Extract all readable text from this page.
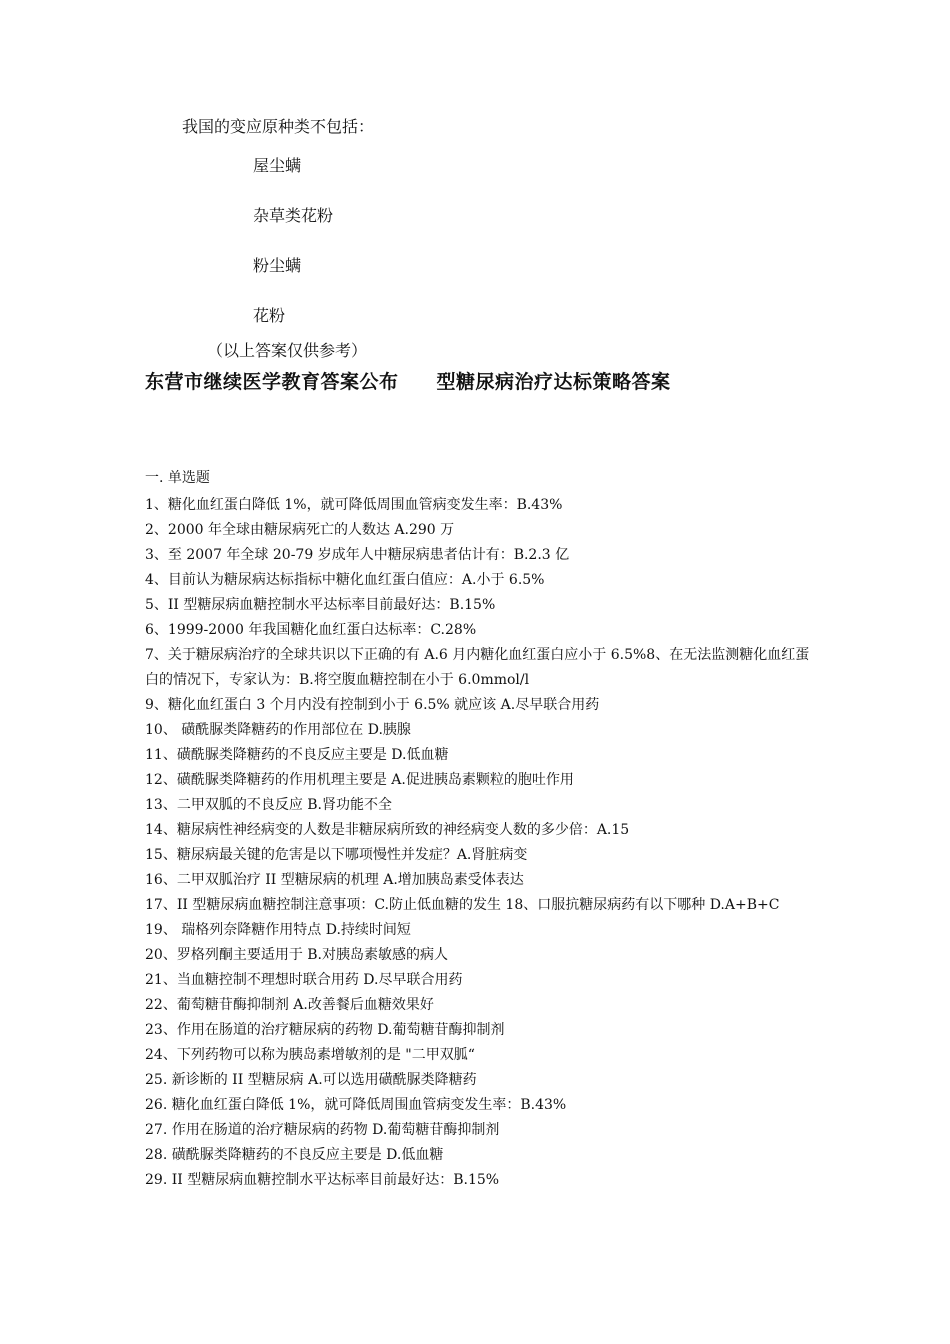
我国的变应原种类不包括：
屋尘螨
杂草类花粉
粉尘螨
花粉
（以上答案仅供参考）
东营市继续医学教育答案公布 型糖尿病治疗达标策略答案
一. 单选题
1、糖化血红蛋白降低 1%，就可降低周围血管病变发生率：B.43%
2、2000 年全球由糖尿病死亡的人数达 A.290 万
3、至 2007 年全球 20-79 岁成年人中糖尿病患者估计有：B.2.3 亿
4、目前认为糖尿病达标指标中糖化血红蛋白值应：A.小于 6.5%
5、II 型糖尿病血糖控制水平达标率目前最好达：B.15%
6、1999-2000 年我国糖化血红蛋白达标率：C.28%
7、关于糖尿病治疗的全球共识以下正确的有 A.6 月内糖化血红蛋白应小于 6.5%8、在无法监测糖化血红蛋白的情况下，专家认为：B.将空腹血糖控制在小于 6.0mmol/l
9、糖化血红蛋白 3 个月内没有控制到小于 6.5% 就应该 A.尽早联合用药
10、 磺酰脲类降糖药的作用部位在 D.胰腺
11、磺酰脲类降糖药的不良反应主要是 D.低血糖
12、磺酰脲类降糖药的作用机理主要是 A.促进胰岛素颗粒的胞吐作用
13、二甲双胍的不良反应 B.肾功能不全
14、糖尿病性神经病变的人数是非糖尿病所致的神经病变人数的多少倍：A.15
15、糖尿病最关键的危害是以下哪项慢性并发症？A.肾脏病变
16、二甲双胍治疗 II 型糖尿病的机理 A.增加胰岛素受体表达
17、II 型糖尿病血糖控制注意事项：C.防止低血糖的发生 18、口服抗糖尿病药有以下哪种 D.A+B+C
19、 瑞格列奈降糖作用特点 D.持续时间短
20、罗格列酮主要适用于 B.对胰岛素敏感的病人
21、当血糖控制不理想时联合用药 D.尽早联合用药
22、葡萄糖苷酶抑制剂 A.改善餐后血糖效果好
23、作用在肠道的治疗糖尿病的药物 D.葡萄糖苷酶抑制剂
24、下列药物可以称为胰岛素增敏剂的是 "二甲双胍“
25. 新诊断的 II 型糖尿病 A.可以选用磺酰脲类降糖药
26. 糖化血红蛋白降低 1%，就可降低周围血管病变发生率：B.43%
27. 作用在肠道的治疗糖尿病的药物 D.葡萄糖苷酶抑制剂
28. 磺酰脲类降糖药的不良反应主要是 D.低血糖
29. II 型糖尿病血糖控制水平达标率目前最好达：B.15%
